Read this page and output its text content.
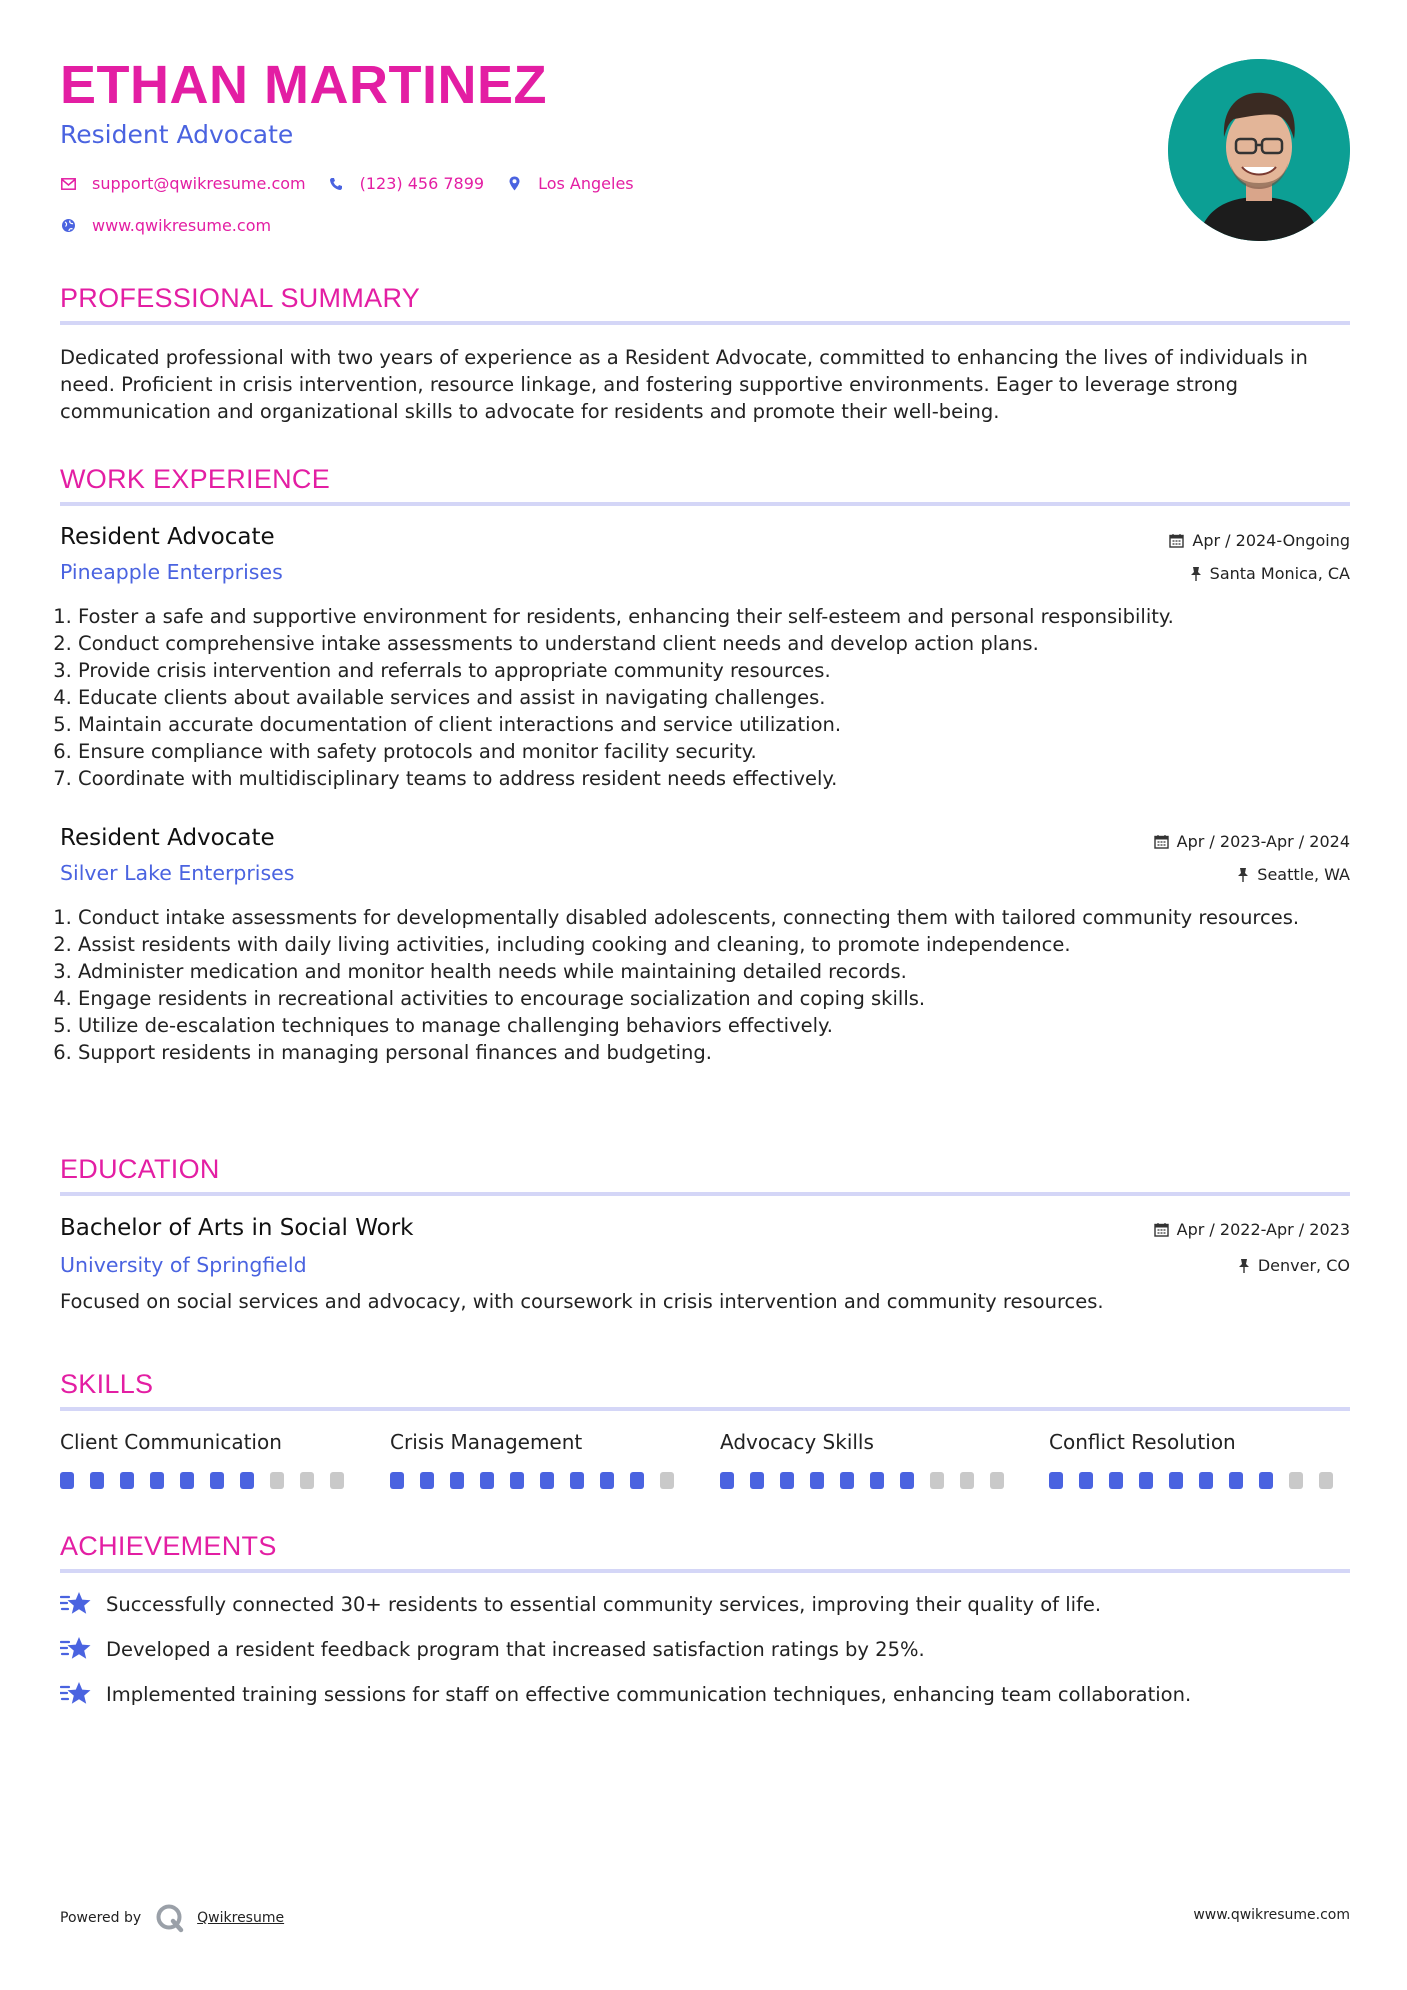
ETHAN MARTINEZ
Resident Advocate
support@qwikresume.com	(123) 456 7899	Los Angeles
www.qwikresume.com
PROFESSIONAL SUMMARY
Dedicated professional with two years of experience as a Resident Advocate, committed to enhancing the lives of individuals in need. Proficient in crisis intervention, resource linkage, and fostering supportive environments. Eager to leverage strong communication and organizational skills to advocate for residents and promote their well-being.
WORK EXPERIENCE
Resident Advocate	Apr / 2024-Ongoing
Pineapple Enterprises	Santa Monica, CA
1. Foster a safe and supportive environment for residents, enhancing their self-esteem and personal responsibility.
2. Conduct comprehensive intake assessments to understand client needs and develop action plans.
3. Provide crisis intervention and referrals to appropriate community resources.
4. Educate clients about available services and assist in navigating challenges.
5. Maintain accurate documentation of client interactions and service utilization.
6. Ensure compliance with safety protocols and monitor facility security.
7. Coordinate with multidisciplinary teams to address resident needs effectively.
Resident Advocate	Apr / 2023-Apr / 2024
Silver Lake Enterprises	Seattle, WA
1. Conduct intake assessments for developmentally disabled adolescents, connecting them with tailored community resources.
2. Assist residents with daily living activities, including cooking and cleaning, to promote independence.
3. Administer medication and monitor health needs while maintaining detailed records.
4. Engage residents in recreational activities to encourage socialization and coping skills.
5. Utilize de-escalation techniques to manage challenging behaviors effectively.
6. Support residents in managing personal finances and budgeting.
EDUCATION
Bachelor of Arts in Social Work	Apr / 2022-Apr / 2023
University of Springfield	Denver, CO
Focused on social services and advocacy, with coursework in crisis intervention and community resources.
SKILLS
Client Communication	Crisis Management	Advocacy Skills	Conflict Resolution
ACHIEVEMENTS
Successfully connected 30+ residents to essential community services, improving their quality of life.
Developed a resident feedback program that increased satisfaction ratings by 25%.
Implemented training sessions for staff on effective communication techniques, enhancing team collaboration.
Powered by	Qwikresume	www.qwikresume.com
